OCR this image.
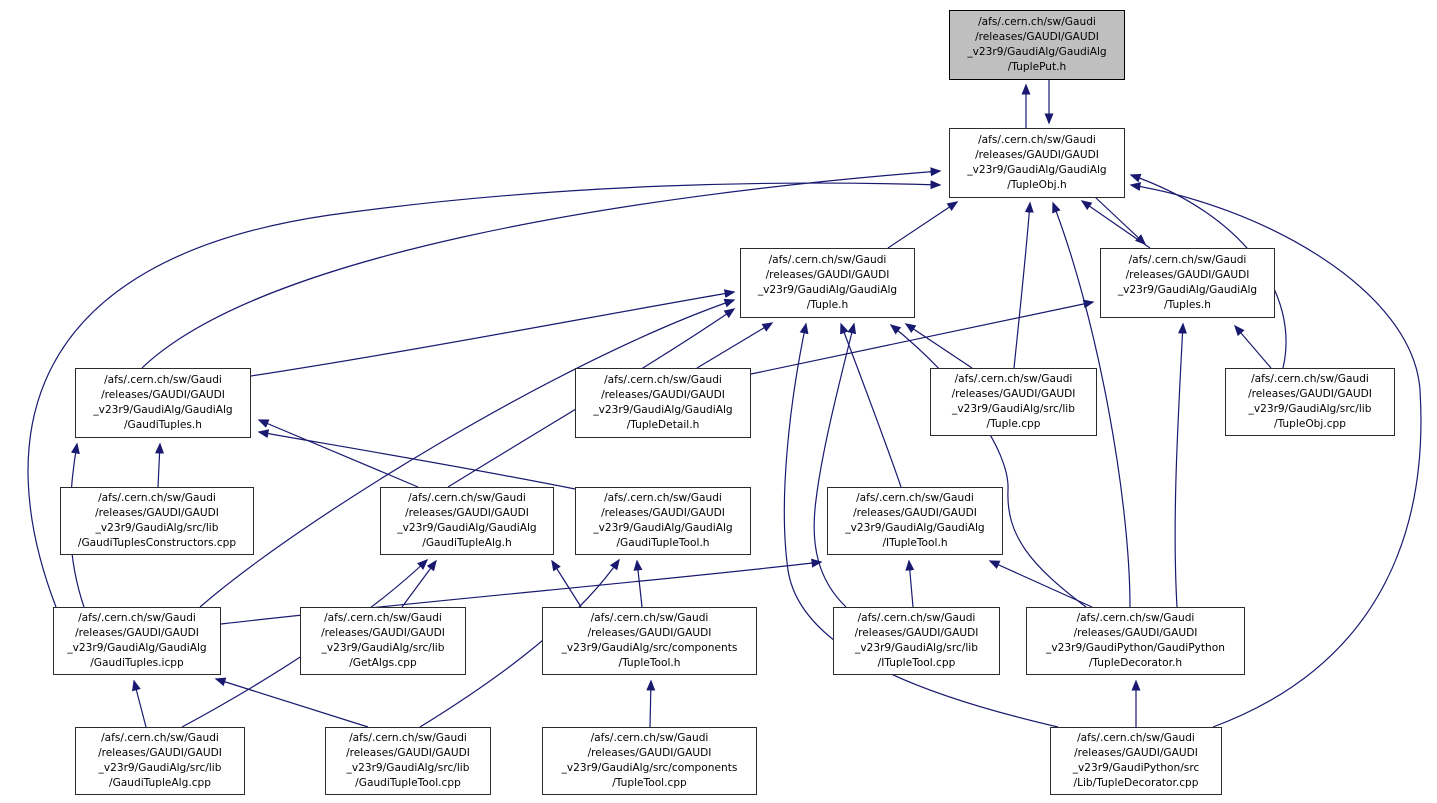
/afs/.cern.ch/sw/Gaudi
/releases/GAUDI/GAUDI
_v23r9/GaudiAlg/GaudiAlg
/TuplePut.h
/afs/.cern.ch/sw/Gaudi
/releases/GAUDI/GAUDI
_v23r9/GaudiAlg/GaudiAlg
/TupleObj.h
/afs/.cern.ch/sw/Gaudi
/releases/GAUDI/GAUDI
_v23r9/GaudiAlg/GaudiAlg
/Tuple.h
/afs/.cern.ch/sw/Gaudi
/releases/GAUDI/GAUDI
_v23r9/GaudiAlg/GaudiAlg
/Tuples.h
/afs/.cern.ch/sw/Gaudi
/releases/GAUDI/GAUDI
_v23r9/GaudiAlg/GaudiAlg
/GaudiTuples.h
/afs/.cern.ch/sw/Gaudi
/releases/GAUDI/GAUDI
_v23r9/GaudiAlg/GaudiAlg
/TupleDetail.h
/afs/.cern.ch/sw/Gaudi
/releases/GAUDI/GAUDI
_v23r9/GaudiAlg/src/lib
/Tuple.cpp
/afs/.cern.ch/sw/Gaudi
/releases/GAUDI/GAUDI
_v23r9/GaudiAlg/src/lib
/TupleObj.cpp
/afs/.cern.ch/sw/Gaudi
/releases/GAUDI/GAUDI
_v23r9/GaudiAlg/src/lib
/GaudiTuplesConstructors.cpp
/afs/.cern.ch/sw/Gaudi
/releases/GAUDI/GAUDI
_v23r9/GaudiAlg/GaudiAlg
/GaudiTupleAlg.h
/afs/.cern.ch/sw/Gaudi
/releases/GAUDI/GAUDI
_v23r9/GaudiAlg/GaudiAlg
/GaudiTupleTool.h
/afs/.cern.ch/sw/Gaudi
/releases/GAUDI/GAUDI
_v23r9/GaudiAlg/GaudiAlg
/ITupleTool.h
/afs/.cern.ch/sw/Gaudi
/releases/GAUDI/GAUDI
_v23r9/GaudiAlg/GaudiAlg
/GaudiTuples.icpp
/afs/.cern.ch/sw/Gaudi
/releases/GAUDI/GAUDI
_v23r9/GaudiAlg/src/lib
/GetAlgs.cpp
/afs/.cern.ch/sw/Gaudi
/releases/GAUDI/GAUDI
_v23r9/GaudiAlg/src/components
/TupleTool.h
/afs/.cern.ch/sw/Gaudi
/releases/GAUDI/GAUDI
_v23r9/GaudiAlg/src/lib
/ITupleTool.cpp
/afs/.cern.ch/sw/Gaudi
/releases/GAUDI/GAUDI
_v23r9/GaudiPython/GaudiPython
/TupleDecorator.h
/afs/.cern.ch/sw/Gaudi
/releases/GAUDI/GAUDI
_v23r9/GaudiAlg/src/lib
/GaudiTupleAlg.cpp
/afs/.cern.ch/sw/Gaudi
/releases/GAUDI/GAUDI
_v23r9/GaudiAlg/src/lib
/GaudiTupleTool.cpp
/afs/.cern.ch/sw/Gaudi
/releases/GAUDI/GAUDI
_v23r9/GaudiAlg/src/components
/TupleTool.cpp
/afs/.cern.ch/sw/Gaudi
/releases/GAUDI/GAUDI
_v23r9/GaudiPython/src
/Lib/TupleDecorator.cpp
